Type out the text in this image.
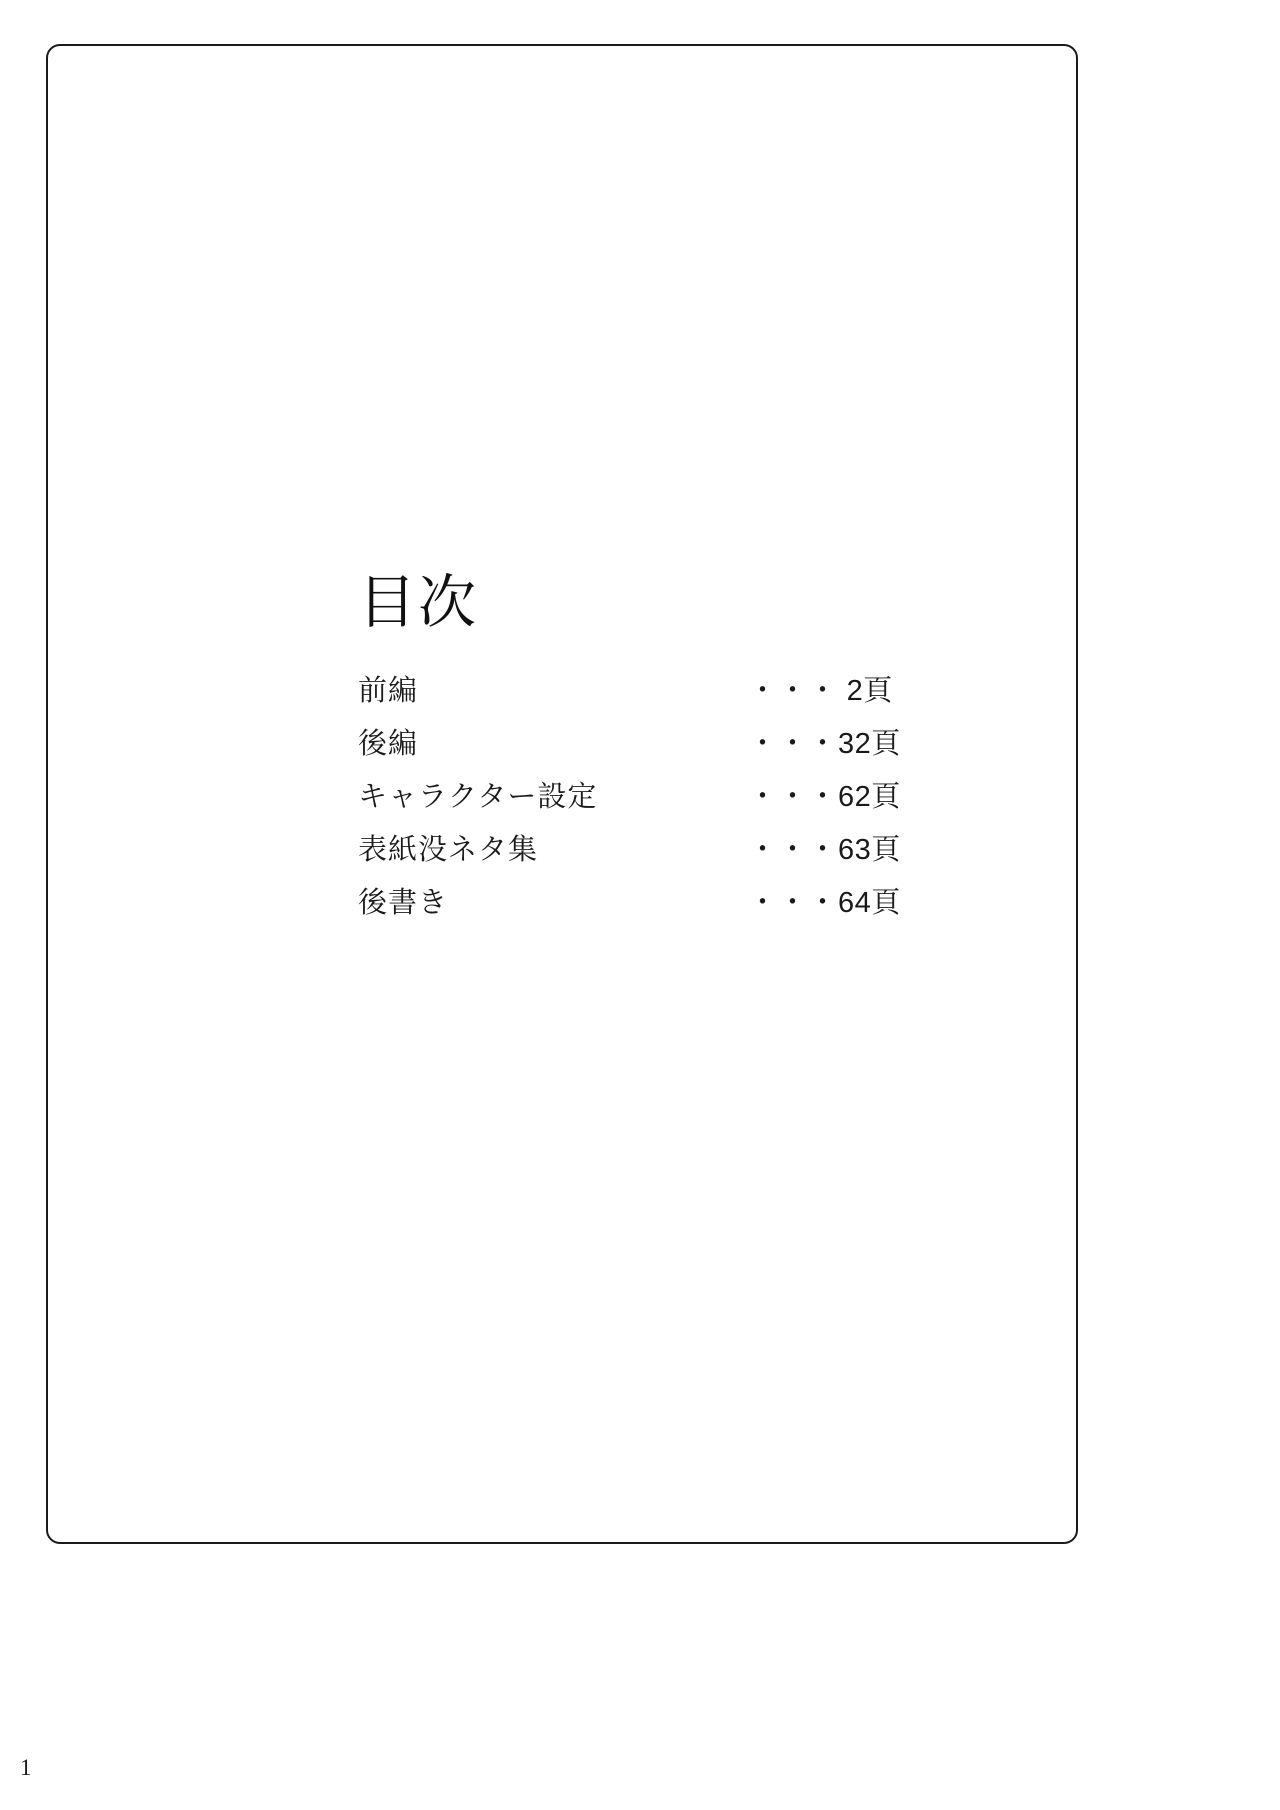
目次
前編	・・・ 2頁
後編	・・・ 32頁
キャラクター設定	・・・ 62頁
表紙没ネタ集	・・・ 63頁
後書き	・・・ 64頁
1
